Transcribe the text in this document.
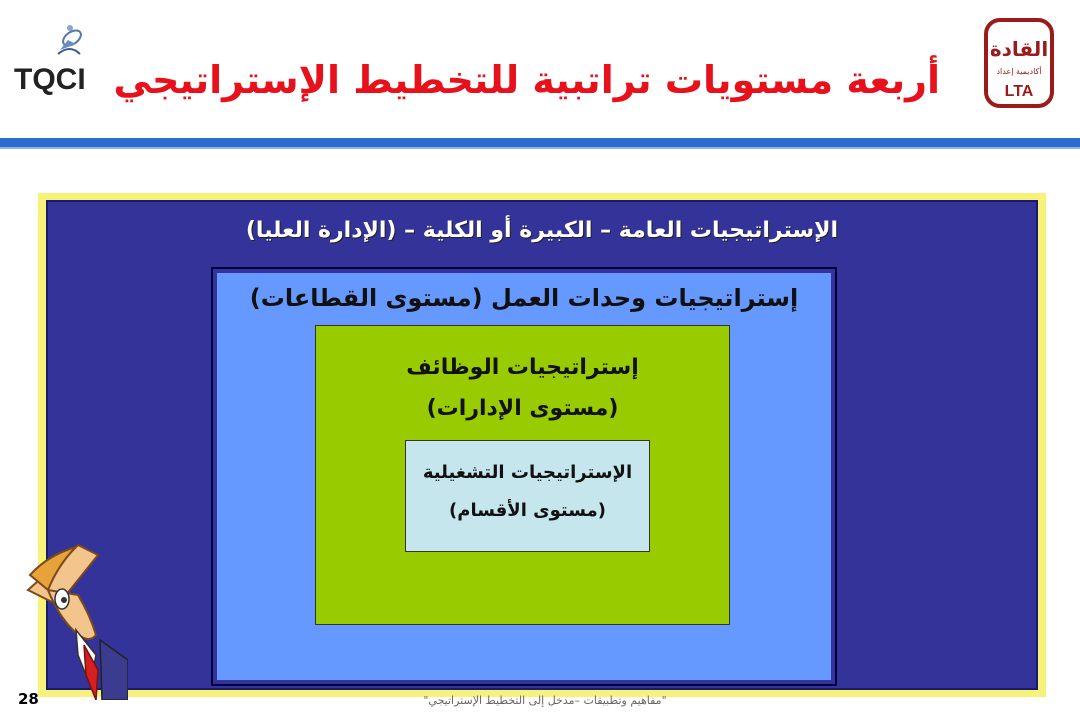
TQCI أربعة مستويات تراتبية للتخطيط الإستراتيجي
القادة
أكاديمية إعداد
LTA
الإستراتيجيات العامة – الكبيرة أو الكلية – (الإدارة العليا)
إستراتيجيات وحدات العمل (مستوى القطاعات)
إستراتيجيات الوظائف
(مستوى الإدارات)
الإستراتيجيات التشغيلية
(مستوى الأقسام)
28	"مفاهيم وتطبيقات –مدخل إلى التخطيط الإستراتيجي"
